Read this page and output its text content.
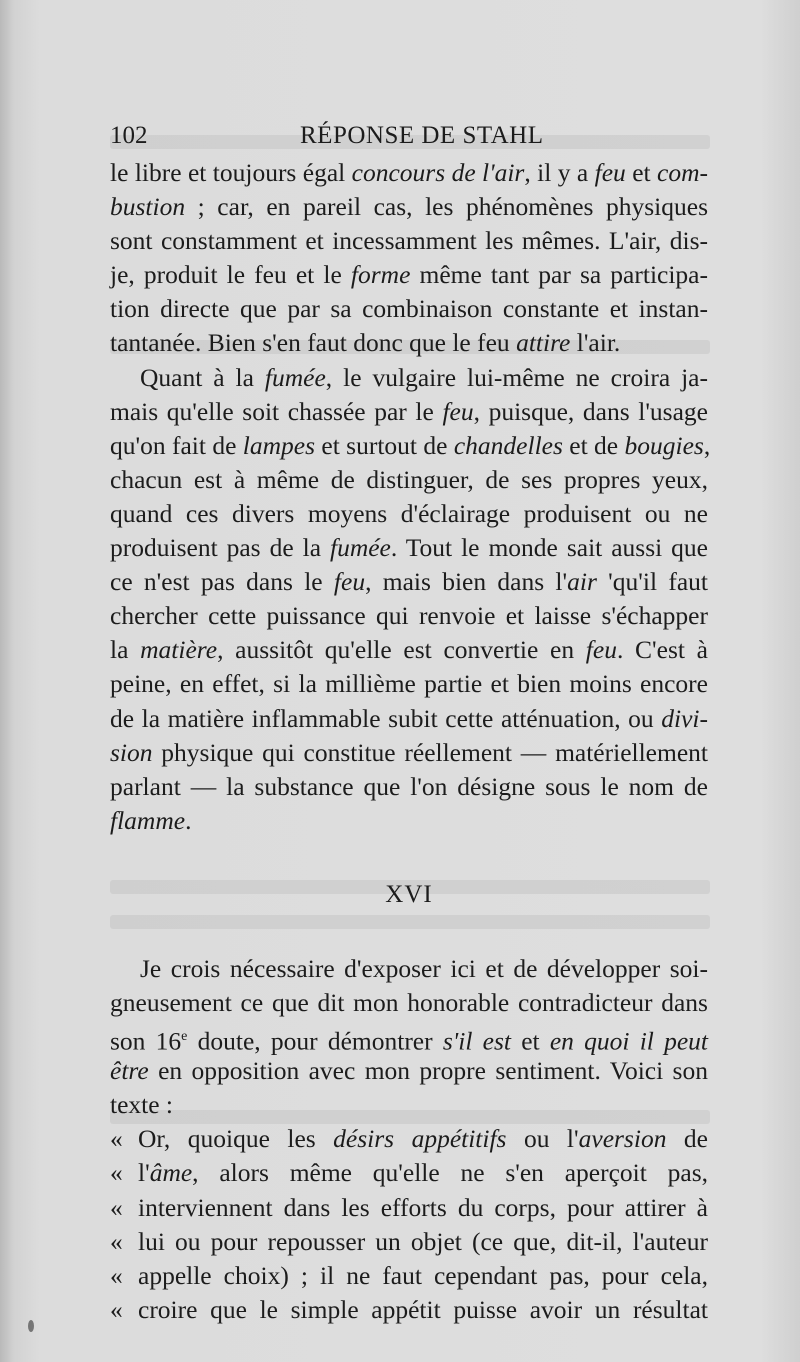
102	RÉPONSE DE STAHL
le libre et toujours égal concours de l'air, il y a feu et com-
bustion ; car, en pareil cas, les phénomènes physiques
sont constamment et incessamment les mêmes. L'air, dis-
je, produit le feu et le forme même tant par sa participa-
tion directe que par sa combinaison constante et instan-
tantanée. Bien s'en faut donc que le feu attire l'air.
Quant à la fumée, le vulgaire lui-même ne croira ja-
mais qu'elle soit chassée par le feu, puisque, dans l'usage
qu'on fait de lampes et surtout de chandelles et de bougies,
chacun est à même de distinguer, de ses propres yeux,
quand ces divers moyens d'éclairage produisent ou ne
produisent pas de la fumée. Tout le monde sait aussi que
ce n'est pas dans le feu, mais bien dans l'air 'qu'il faut
chercher cette puissance qui renvoie et laisse s'échapper
la matière, aussitôt qu'elle est convertie en feu. C'est à
peine, en effet, si la millième partie et bien moins encore
de la matière inflammable subit cette atténuation, ou divi-
sion physique qui constitue réellement — matériellement
parlant — la substance que l'on désigne sous le nom de
flamme.
XVI
Je crois nécessaire d'exposer ici et de développer soi-
gneusement ce que dit mon honorable contradicteur dans
son 16e doute, pour démontrer s'il est et en quoi il peut
être en opposition avec mon propre sentiment. Voici son
texte :
« Or, quoique les désirs appétitifs ou l'aversion de
« l'âme, alors même qu'elle ne s'en aperçoit pas,
« interviennent dans les efforts du corps, pour attirer à
« lui ou pour repousser un objet (ce que, dit-il, l'auteur
« appelle choix) ; il ne faut cependant pas, pour cela,
« croire que le simple appétit puisse avoir un résultat
